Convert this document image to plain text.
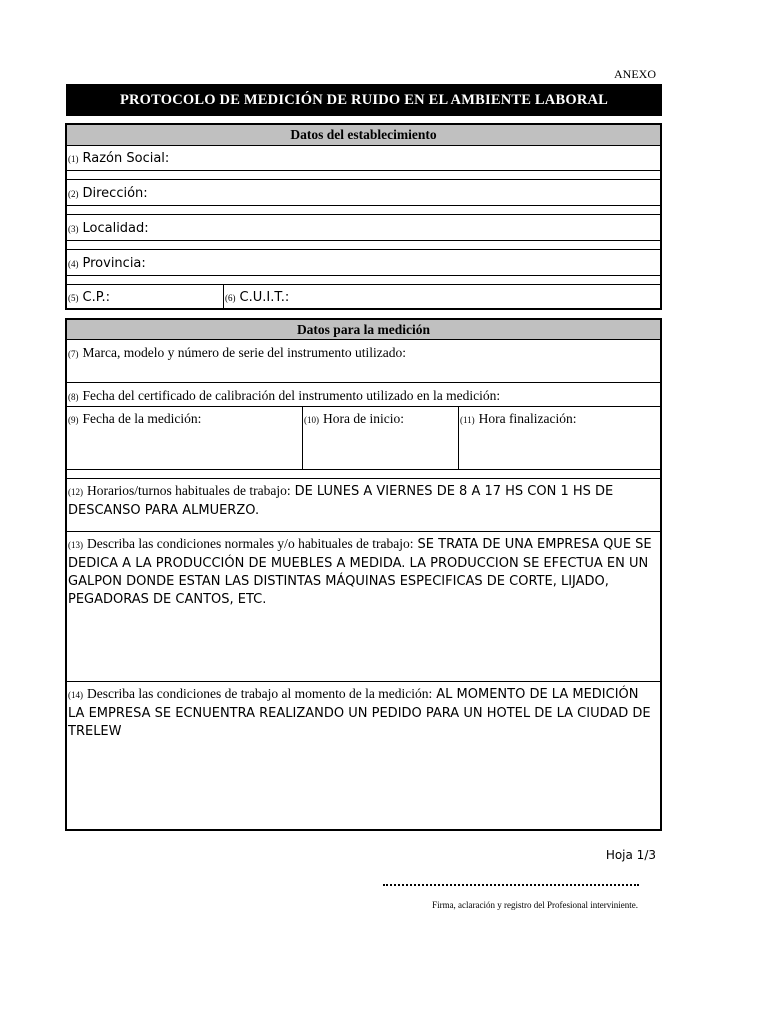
ANEXO
PROTOCOLO DE MEDICIÓN DE RUIDO EN EL AMBIENTE LABORAL
Datos del establecimiento
(1) Razón Social:
(2) Dirección:
(3) Localidad:
(4) Provincia:
(5) C.P.:	(6) C.U.I.T.:
Datos para la medición
(7) Marca, modelo y número de serie del instrumento utilizado:
(8) Fecha del certificado de calibración del instrumento utilizado en la medición:
(9) Fecha de la medición:	(10) Hora de inicio:	(11) Hora finalización:
(12) Horarios/turnos habituales de trabajo: DE LUNES A VIERNES DE 8 A 17 HS CON 1 HS DE DESCANSO PARA ALMUERZO.
(13) Describa las condiciones normales y/o habituales de trabajo: SE TRATA DE UNA EMPRESA QUE SE DEDICA A LA PRODUCCIÓN DE MUEBLES A MEDIDA. LA PRODUCCION SE EFECTUA EN UN GALPON DONDE ESTAN LAS DISTINTAS MÁQUINAS ESPECIFICAS DE CORTE, LIJADO, PEGADORAS DE CANTOS, ETC.
(14) Describa las condiciones de trabajo al momento de la medición: AL MOMENTO DE LA MEDICIÓN LA EMPRESA SE ECNUENTRA REALIZANDO UN PEDIDO PARA UN HOTEL DE LA CIUDAD DE TRELEW
Hoja 1/3
Firma, aclaración y registro del Profesional interviniente.
